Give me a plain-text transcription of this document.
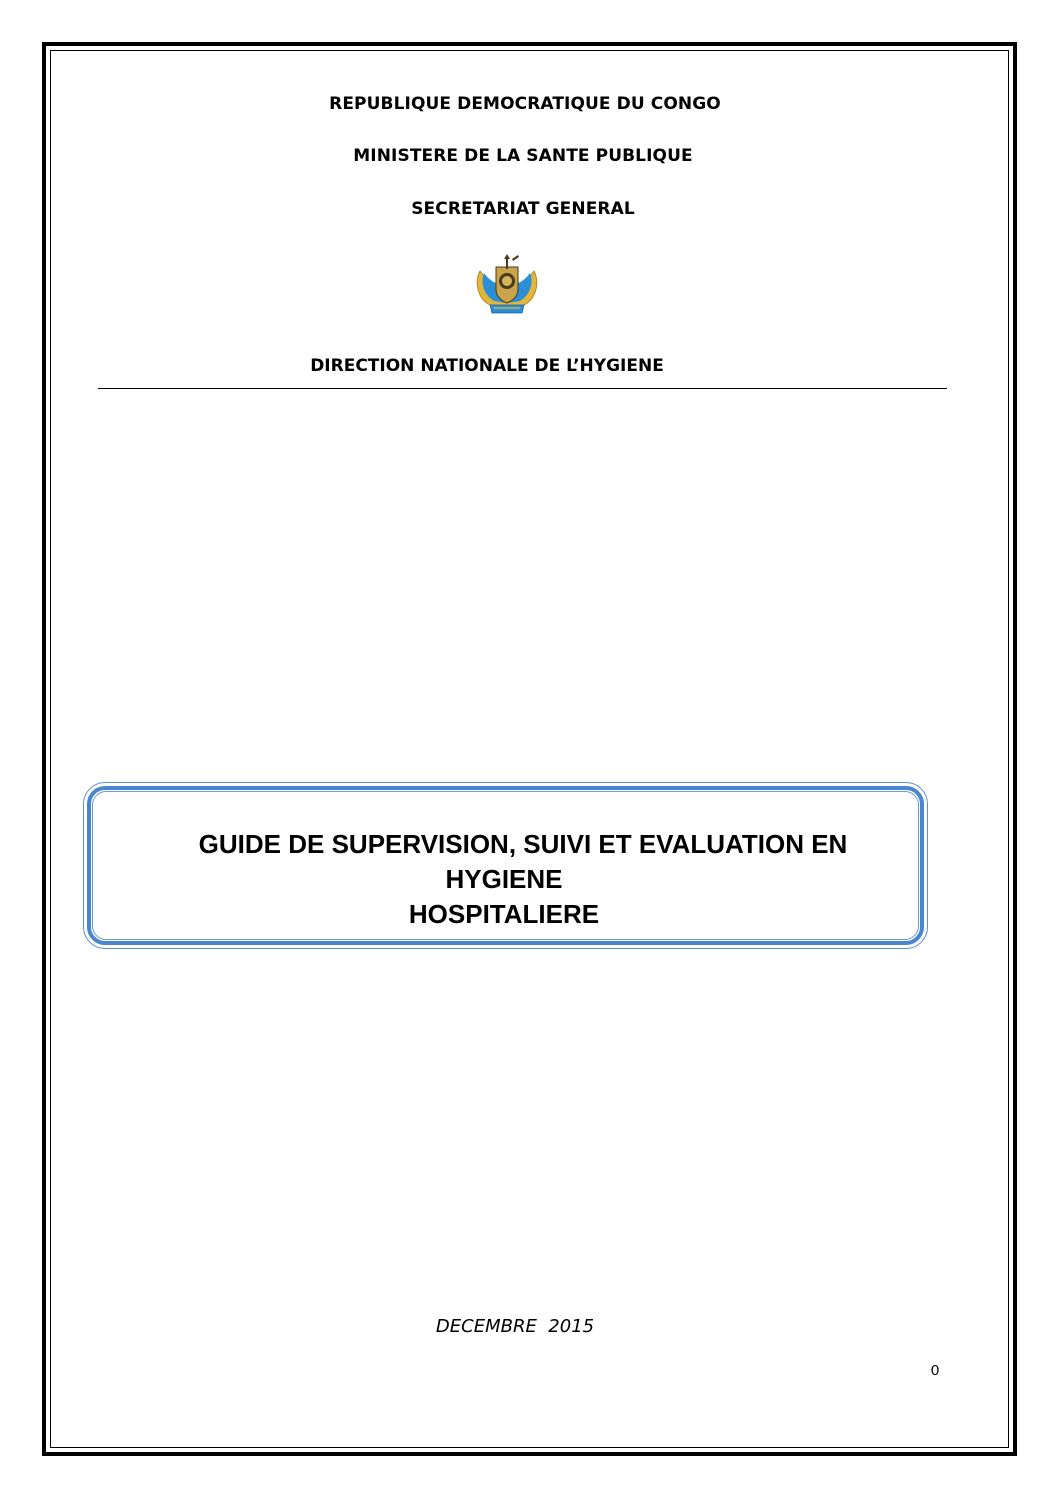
REPUBLIQUE DEMOCRATIQUE DU CONGO
MINISTERE DE LA SANTE PUBLIQUE
SECRETARIAT GENERAL
DIRECTION NATIONALE DE L’HYGIENE
GUIDE DE SUPERVISION, SUIVI ET EVALUATION EN
HYGIENE
HOSPITALIERE
DECEMBRE  2015
0
